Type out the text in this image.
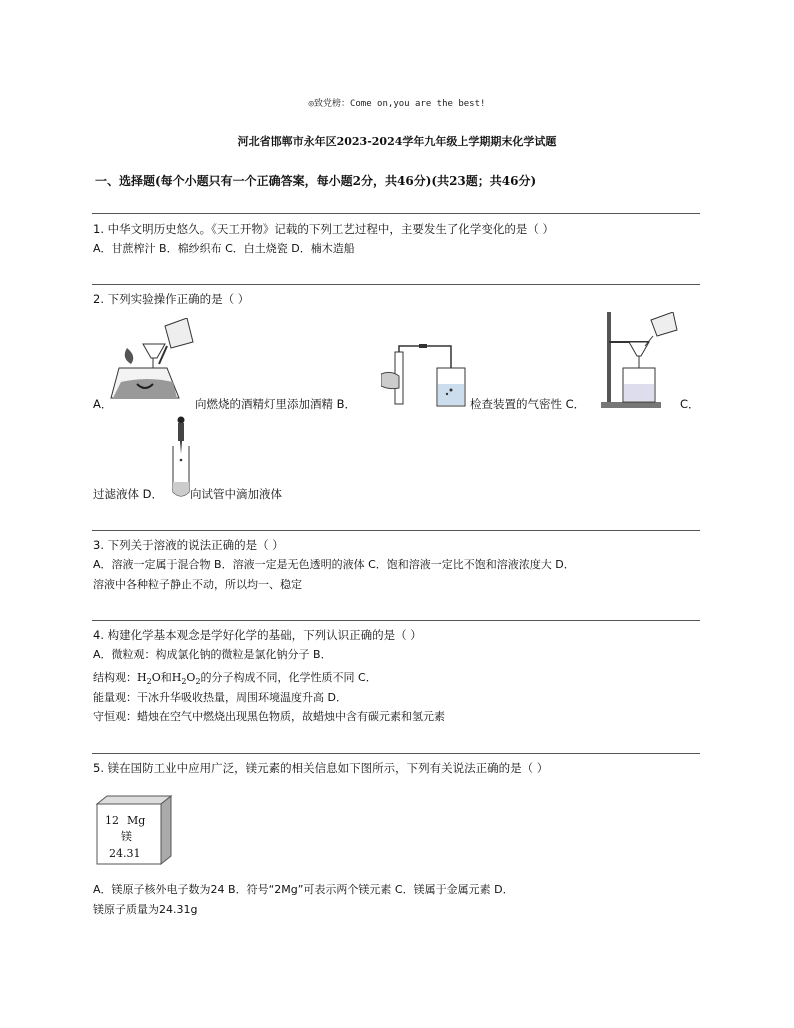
◎致党榜：Come on,you are the best!
河北省邯郸市永年区2023-2024学年九年级上学期期末化学试题
一、选择题(每个小题只有一个正确答案，每小题2分，共46分)(共23题；共46分)
1. 中华文明历史悠久。《天工开物》记载的下列工艺过程中，主要发生了化学变化的是（ ）
A．甘蔗榨汁 B．棉纱织布 C．白土烧瓷 D．楠木造船
2. 下列实验操作正确的是（ ）
A．	向燃烧的酒精灯里添加酒精 B．	检查装置的气密性 C．	C．
过滤液体 D． 向试管中滴加液体
3. 下列关于溶液的说法正确的是（ ）
A．溶液一定属于混合物 B．溶液一定是无色透明的液体 C．饱和溶液一定比不饱和溶液浓度大 D．
溶液中各种粒子静止不动，所以均一、稳定
4. 构建化学基本观念是学好化学的基础，下列认识正确的是（ ）
A．微粒观：构成氯化钠的微粒是氯化钠分子 B．
结构观：$H_2O$和$H_2O_2$的分子构成不同，化学性质不同 C．
能量观：干冰升华吸收热量，周围环境温度升高 D．
守恒观：蜡烛在空气中燃烧出现黑色物质，故蜡烛中含有碳元素和氢元素
5. 镁在国防工业中应用广泛，镁元素的相关信息如下图所示，下列有关说法正确的是（ ）
12 Mg
镁
24.31
A．镁原子核外电子数为24 B．符号“2Mg”可表示两个镁元素 C．镁属于金属元素 D．
镁原子质量为24.31g
